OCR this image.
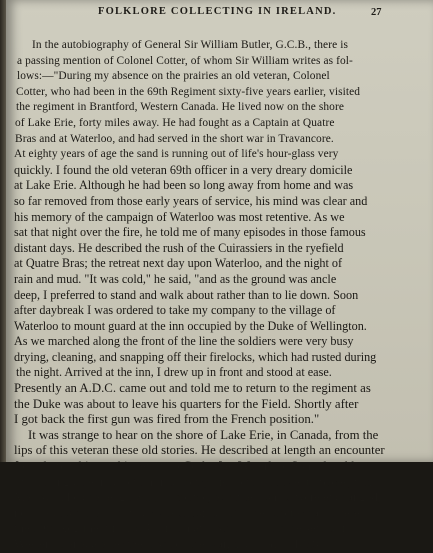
FOLKLORE COLLECTING IN IRELAND.	27
In the autobiography of General Sir William Butler, G.C.B., there is
a passing mention of Colonel Cotter, of whom Sir William writes as fol-
lows:—"During my absence on the prairies an old veteran, Colonel
Cotter, who had been in the 69th Regiment sixty-five years earlier, visited
the regiment in Brantford, Western Canada. He lived now on the shore
of Lake Erie, forty miles away. He had fought as a Captain at Quatre
Bras and at Waterloo, and had served in the short war in Travancore.
At eighty years of age the sand is running out of life's hour-glass very
quickly. I found the old veteran 69th officer in a very dreary domicile
at Lake Erie. Although he had been so long away from home and was
so far removed from those early years of service, his mind was clear and
his memory of the campaign of Waterloo was most retentive. As we
sat that night over the fire, he told me of many episodes in those famous
distant days. He described the rush of the Cuirassiers in the ryefield
at Quatre Bras; the retreat next day upon Waterloo, and the night of
rain and mud. "It was cold," he said, "and as the ground was ancle
deep, I preferred to stand and walk about rather than to lie down. Soon
after daybreak I was ordered to take my company to the village of
Waterloo to mount guard at the inn occupied by the Duke of Wellington.
As we marched along the front of the line the soldiers were very busy
drying, cleaning, and snapping off their firelocks, which had rusted during
the night. Arrived at the inn, I drew up in front and stood at ease.
Presently an A.D.C. came out and told me to return to the regiment as
the Duke was about to leave his quarters for the Field. Shortly after
I got back the first gun was fired from the French position."
It was strange to hear on the shore of Lake Erie, in Canada, from the
lips of this veteran these old stories. He described at length an encounter
forced upon him on his return to Cork after Waterloo. Some local hero
of duelling celebrity determined to try his mettle, at twenty paces, near
Mallow. The challenge was, of course, accepted, shots were exchanged,
no one was hit, and honour was satisfied. Colonel Cotter had entered
the 69th Regiment in 1804. Like many other officers, he settled in
Western Canada after the close of the war, and died in 1869.
